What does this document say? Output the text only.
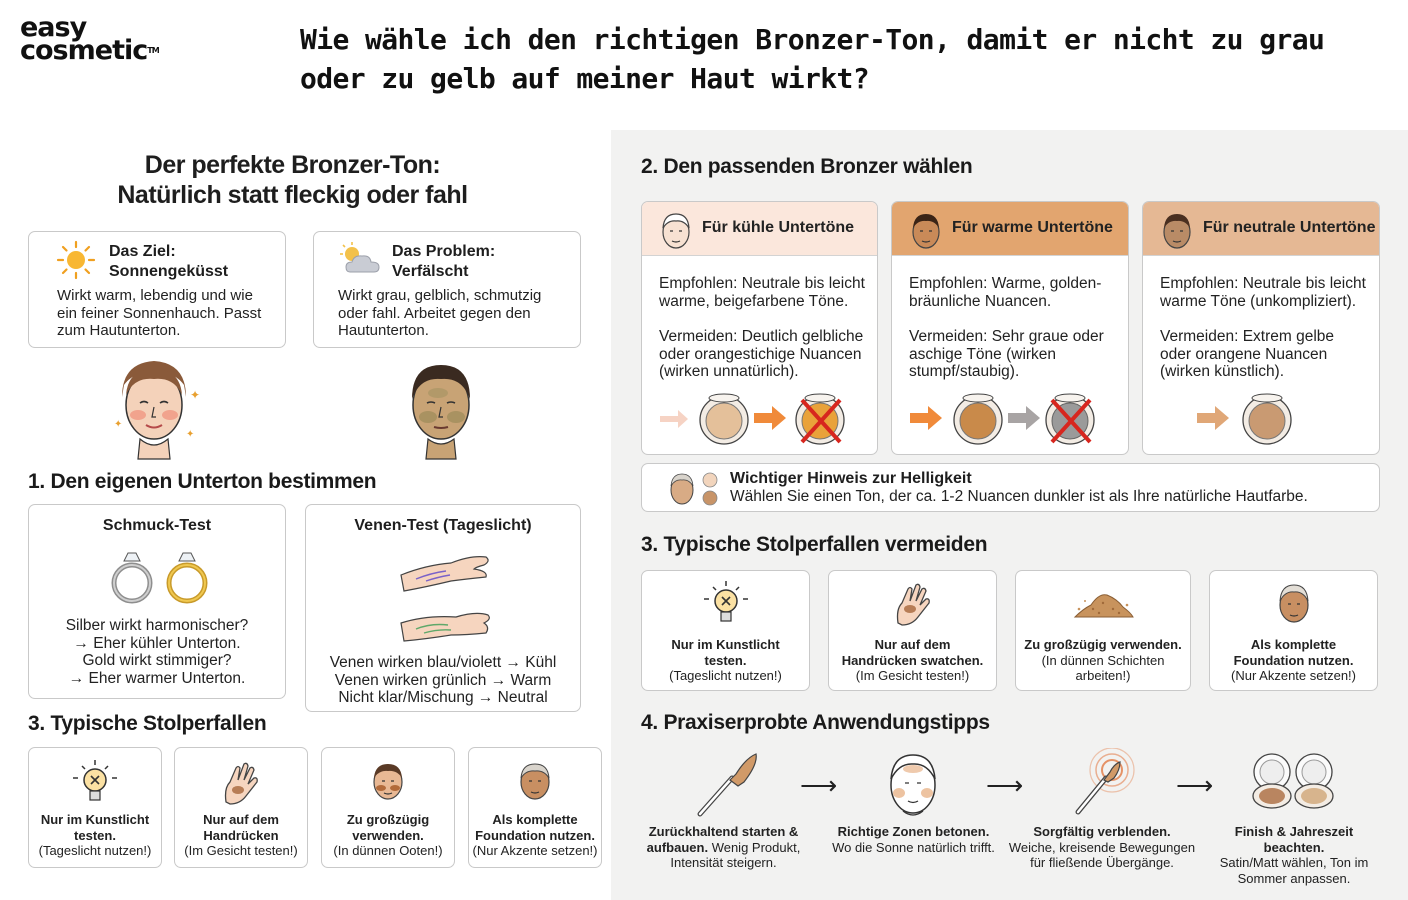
easy
cosmetic™	Wie wähle ich den richtigen Bronzer-Ton, damit er nicht zu grau oder zu gelb auf meiner Haut wirkt?
Der perfekte Bronzer-Ton:
Natürlich statt fleckig oder fahl
Das Ziel:
Sonnengeküsst
Wirkt warm, lebendig und wie ein feiner Sonnenhauch. Passt zum Hautunterton.
Das Problem:
Verfälscht
Wirkt grau, gelblich, schmutzig oder fahl. Arbeitet gegen den Hautunterton.
✦
✦
✦
1. Den eigenen Unterton bestimmen
Schmuck-Test
Silber wirkt harmonischer?
→ Eher kühler Unterton.
Gold wirkt stimmiger?
→ Eher warmer Unterton.
Venen-Test (Tageslicht)
Venen wirken blau/violett → Kühl
Venen wirken grünlich → Warm
Nicht klar/Mischung → Neutral
3. Typische Stolperfallen
Nur im Kunstlicht testen.
(Tageslicht nutzen!)
Nur auf dem Handrücken
(Im Gesicht testen!)
Zu großzügig verwenden.
(In dünnen Ooten!)
Als komplette Foundation nutzen.
(Nur Akzente setzen!)
2. Den passenden Bronzer wählen
Für kühle Untertöne
Empfohlen: Neutrale bis leicht warme, beigefarbene Töne.
Vermeiden: Deutlich gelbliche oder orangestichige Nuancen (wirken unnatürlich).
Für warme Untertöne
Empfohlen: Warme, golden-bräunliche Nuancen.
Vermeiden: Sehr graue oder aschige Töne (wirken stumpf/staubig).
Für neutrale Untertöne
Empfohlen: Neutrale bis leicht warme Töne (unkompliziert).
Vermeiden: Extrem gelbe oder orangene Nuancen (wirken künstlich).
Wichtiger Hinweis zur Helligkeit
Wählen Sie einen Ton, der ca. 1-2 Nuancen dunkler ist als Ihre natürliche Hautfarbe.
3. Typische Stolperfallen vermeiden
Nur im Kunstlicht testen.
(Tageslicht nutzen!)
Nur auf dem Handrücken swatchen.
(Im Gesicht testen!)
Zu großzügig verwenden.
(In dünnen Schichten arbeiten!)
Als komplette Foundation nutzen.
(Nur Akzente setzen!)
4. Praxiserprobte Anwendungstipps
⟶	⟶	⟶
Zurückhaltend starten & aufbauen. Wenig Produkt, Intensität steigern.
Richtige Zonen betonen.
Wo die Sonne natürlich trifft.
Sorgfältig verblenden.
Weiche, kreisende Bewegungen für fließende Übergänge.
Finish & Jahreszeit beachten.
Satin/Matt wählen, Ton im Sommer anpassen.
